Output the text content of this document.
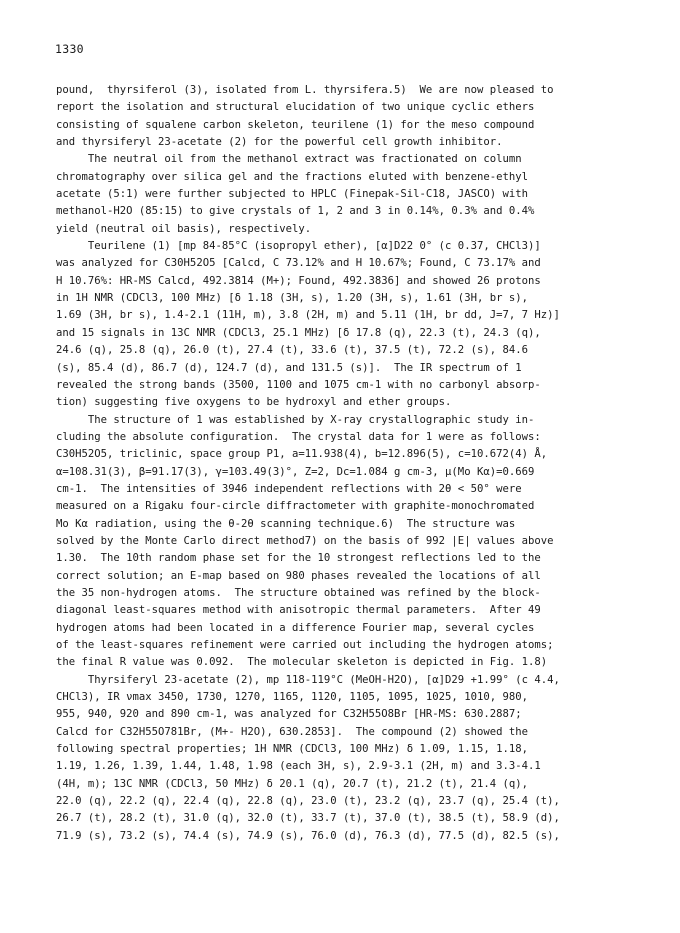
1330
pound,  thyrsiferol (3), isolated from L. thyrsifera.5)  We are now pleased to
report the isolation and structural elucidation of two unique cyclic ethers
consisting of squalene carbon skeleton, teurilene (1) for the meso compound
and thyrsiferyl 23-acetate (2) for the powerful cell growth inhibitor.
The neutral oil from the methanol extract was fractionated on column
chromatography over silica gel and the fractions eluted with benzene-ethyl
acetate (5:1) were further subjected to HPLC (Finepak-Sil-C18, JASCO) with
methanol-H2O (85:15) to give crystals of 1, 2 and 3 in 0.14%, 0.3% and 0.4%
yield (neutral oil basis), respectively.
Teurilene (1) [mp 84-85°C (isopropyl ether), [α]D22 0° (c 0.37, CHCl3)]
was analyzed for C30H52O5 [Calcd, C 73.12% and H 10.67%; Found, C 73.17% and
H 10.76%: HR-MS Calcd, 492.3814 (M+); Found, 492.3836] and showed 26 protons
in 1H NMR (CDCl3, 100 MHz) [δ 1.18 (3H, s), 1.20 (3H, s), 1.61 (3H, br s),
1.69 (3H, br s), 1.4-2.1 (11H, m), 3.8 (2H, m) and 5.11 (1H, br dd, J=7, 7 Hz)]
and 15 signals in 13C NMR (CDCl3, 25.1 MHz) [δ 17.8 (q), 22.3 (t), 24.3 (q),
24.6 (q), 25.8 (q), 26.0 (t), 27.4 (t), 33.6 (t), 37.5 (t), 72.2 (s), 84.6
(s), 85.4 (d), 86.7 (d), 124.7 (d), and 131.5 (s)].  The IR spectrum of 1
revealed the strong bands (3500, 1100 and 1075 cm-1 with no carbonyl absorp-
tion) suggesting five oxygens to be hydroxyl and ether groups.
The structure of 1 was established by X-ray crystallographic study in-
cluding the absolute configuration.  The crystal data for 1 were as follows:
C30H52O5, triclinic, space group P1, a=11.938(4), b=12.896(5), c=10.672(4) Å,
α=108.31(3), β=91.17(3), γ=103.49(3)°, Z=2, Dc=1.084 g cm-3, μ(Mo Kα)=0.669
cm-1.  The intensities of 3946 independent reflections with 2θ < 50° were
measured on a Rigaku four-circle diffractometer with graphite-monochromated
Mo Kα radiation, using the θ-2θ scanning technique.6)  The structure was
solved by the Monte Carlo direct method7) on the basis of 992 |E| values above
1.30.  The 10th random phase set for the 10 strongest reflections led to the
correct solution; an E-map based on 980 phases revealed the locations of all
the 35 non-hydrogen atoms.  The structure obtained was refined by the block-
diagonal least-squares method with anisotropic thermal parameters.  After 49
hydrogen atoms had been located in a difference Fourier map, several cycles
of the least-squares refinement were carried out including the hydrogen atoms;
the final R value was 0.092.  The molecular skeleton is depicted in Fig. 1.8)
Thyrsiferyl 23-acetate (2), mp 118-119°C (MeOH-H2O), [α]D29 +1.99° (c 4.4,
CHCl3), IR νmax 3450, 1730, 1270, 1165, 1120, 1105, 1095, 1025, 1010, 980,
955, 940, 920 and 890 cm-1, was analyzed for C32H55O8Br [HR-MS: 630.2887;
Calcd for C32H55O781Br, (M+- H2O), 630.2853].  The compound (2) showed the
following spectral properties; 1H NMR (CDCl3, 100 MHz) δ 1.09, 1.15, 1.18,
1.19, 1.26, 1.39, 1.44, 1.48, 1.98 (each 3H, s), 2.9-3.1 (2H, m) and 3.3-4.1
(4H, m); 13C NMR (CDCl3, 50 MHz) δ 20.1 (q), 20.7 (t), 21.2 (t), 21.4 (q),
22.0 (q), 22.2 (q), 22.4 (q), 22.8 (q), 23.0 (t), 23.2 (q), 23.7 (q), 25.4 (t),
26.7 (t), 28.2 (t), 31.0 (q), 32.0 (t), 33.7 (t), 37.0 (t), 38.5 (t), 58.9 (d),
71.9 (s), 73.2 (s), 74.4 (s), 74.9 (s), 76.0 (d), 76.3 (d), 77.5 (d), 82.5 (s),
